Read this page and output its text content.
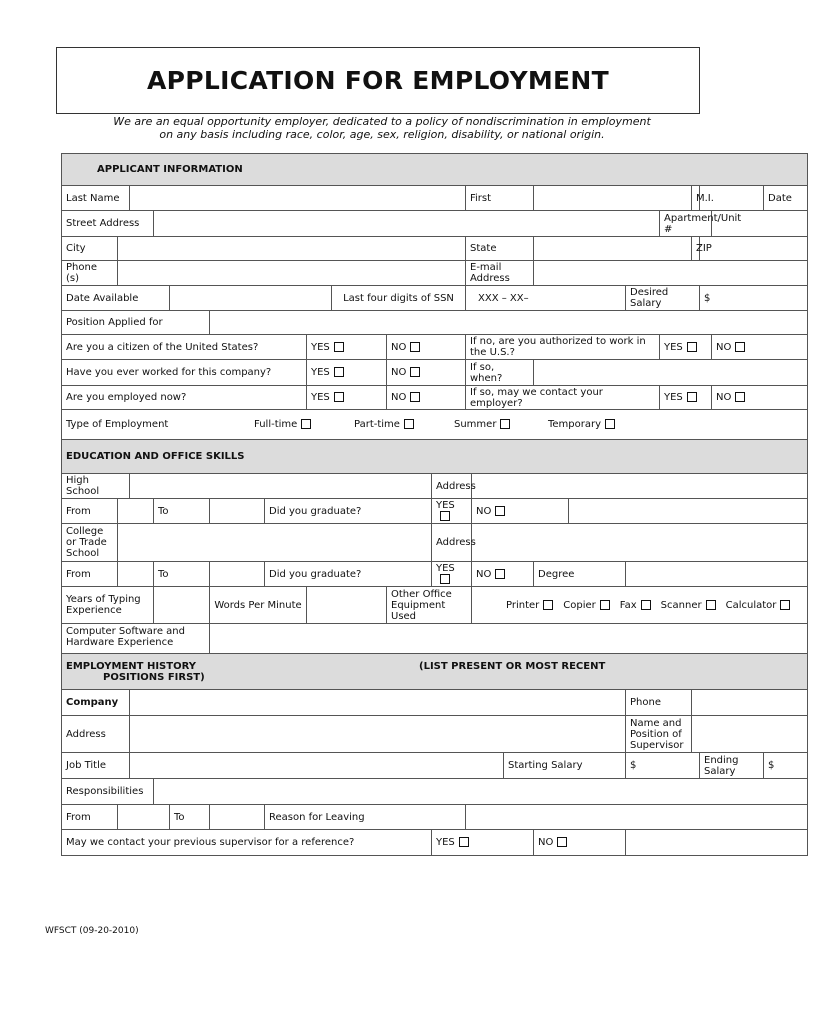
APPLICATION FOR EMPLOYMENT
We are an equal opportunity employer, dedicated to a policy of nondiscrimination in employment
on any basis including race, color, age, sex, religion, disability, or national origin.
APPLICANT INFORMATION																						
Last Name											First							M.I.			Date	
Street Address																	Apartment/Unit #					
City											State							ZIP				
Phone (s)											E-mail Address											
Date Available								Last four digits of SSN			XXX – XX–					Desired Salary			$			
Position Applied for																						
Are you a citizen of the United States?							YES		NO		If no, are you authorized to work in the U.S.?						YES			NO		
Have you ever worked for this company?							YES		NO		If so, when?											
Are you employed now?							YES		NO		If so, may we contact your employer?						YES			NO		

Type of Employment Full-time Part-time Summer Temporary																						

EDUCATION AND OFFICE SKILLS																						
High School										Address												
From			To			Did you graduate?				YES		NO										
College or Trade School										Address												
From			To			Did you graduate?				YES		NO		Degree								
Years of Typing Experience					Words Per Minute				Other Office Equipment Used			Printer Copier Fax Scanner Calculator										

Computer Software and Hardware Experience																						

EMPLOYMENT HISTORY (LIST PRESENT OR MOST RECENT
POSITIONS FIRST)																						

Company																Phone						
Address																Name and Position of Supervisor						
Job Title													Starting Salary			$			Ending Salary		$	
Responsibilities																						
From				To		Reason for Leaving																
May we contact your previous supervisor for a reference?										YES				NO								
WFSCT (09-20-2010)
